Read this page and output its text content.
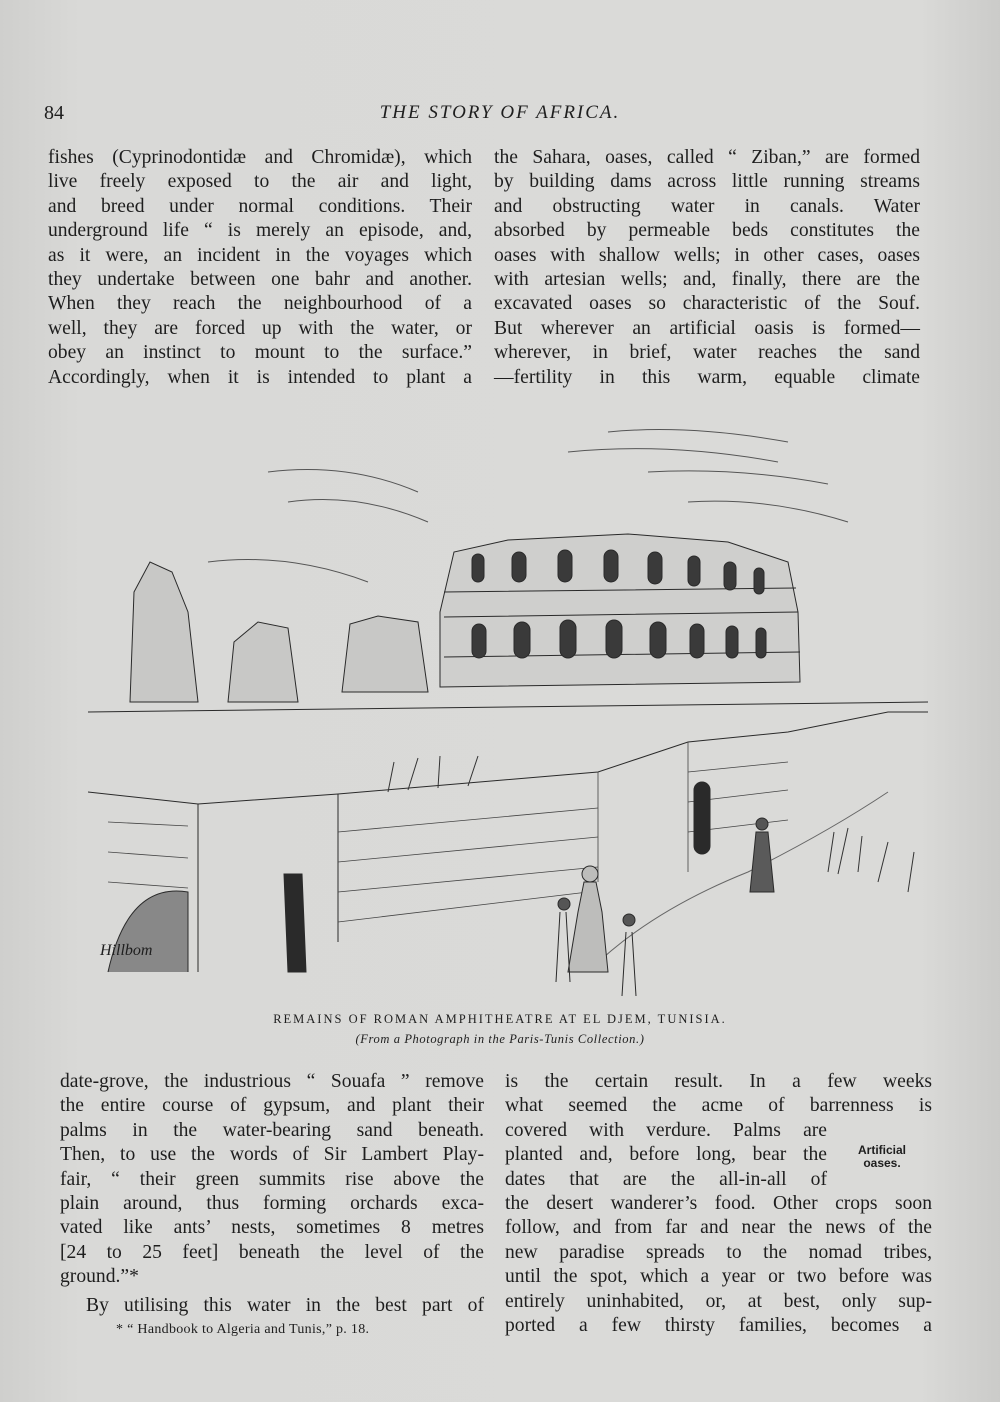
84	THE STORY OF AFRICA.
fishes (Cyprinodontidæ and Chromidæ), which
live freely exposed to the air and light,
and breed under normal conditions. Their
underground life “ is merely an episode, and,
as it were, an incident in the voyages which
they undertake between one bahr and another.
When they reach the neighbourhood of a
well, they are forced up with the water, or
obey an instinct to mount to the surface.”
Accordingly, when it is intended to plant a
the Sahara, oases, called “ Ziban,” are formed
by building dams across little running streams
and obstructing water in canals. Water
absorbed by permeable beds constitutes the
oases with shallow wells; in other cases, oases
with artesian wells; and, finally, there are the
excavated oases so characteristic of the Souf.
But wherever an artificial oasis is formed—
wherever, in brief, water reaches the sand
—fertility in this warm, equable climate
Hillbom
REMAINS OF ROMAN AMPHITHEATRE AT EL DJEM, TUNISIA.
(From a Photograph in the Paris-Tunis Collection.)
date-grove, the industrious “ Souafa ” remove
the entire course of gypsum, and plant their
palms in the water-bearing sand beneath.
Then, to use the words of Sir Lambert Play-
fair, “ their green summits rise above the
plain around, thus forming orchards exca-
vated like ants’ nests, sometimes 8 metres
[24 to 25 feet] beneath the level of the
ground.”*
By utilising this water in the best part of
is the certain result. In a few weeks
what seemed the acme of barrenness is
covered with verdure. Palms are
planted and, before long, bear the
dates that are the all-in-all of
the desert wanderer’s food. Other crops soon
follow, and from far and near the news of the
new paradise spreads to the nomad tribes,
until the spot, which a year or two before was
entirely uninhabited, or, at best, only sup-
ported a few thirsty families, becomes a
Artificial oases.
* “ Handbook to Algeria and Tunis,” p. 18.
